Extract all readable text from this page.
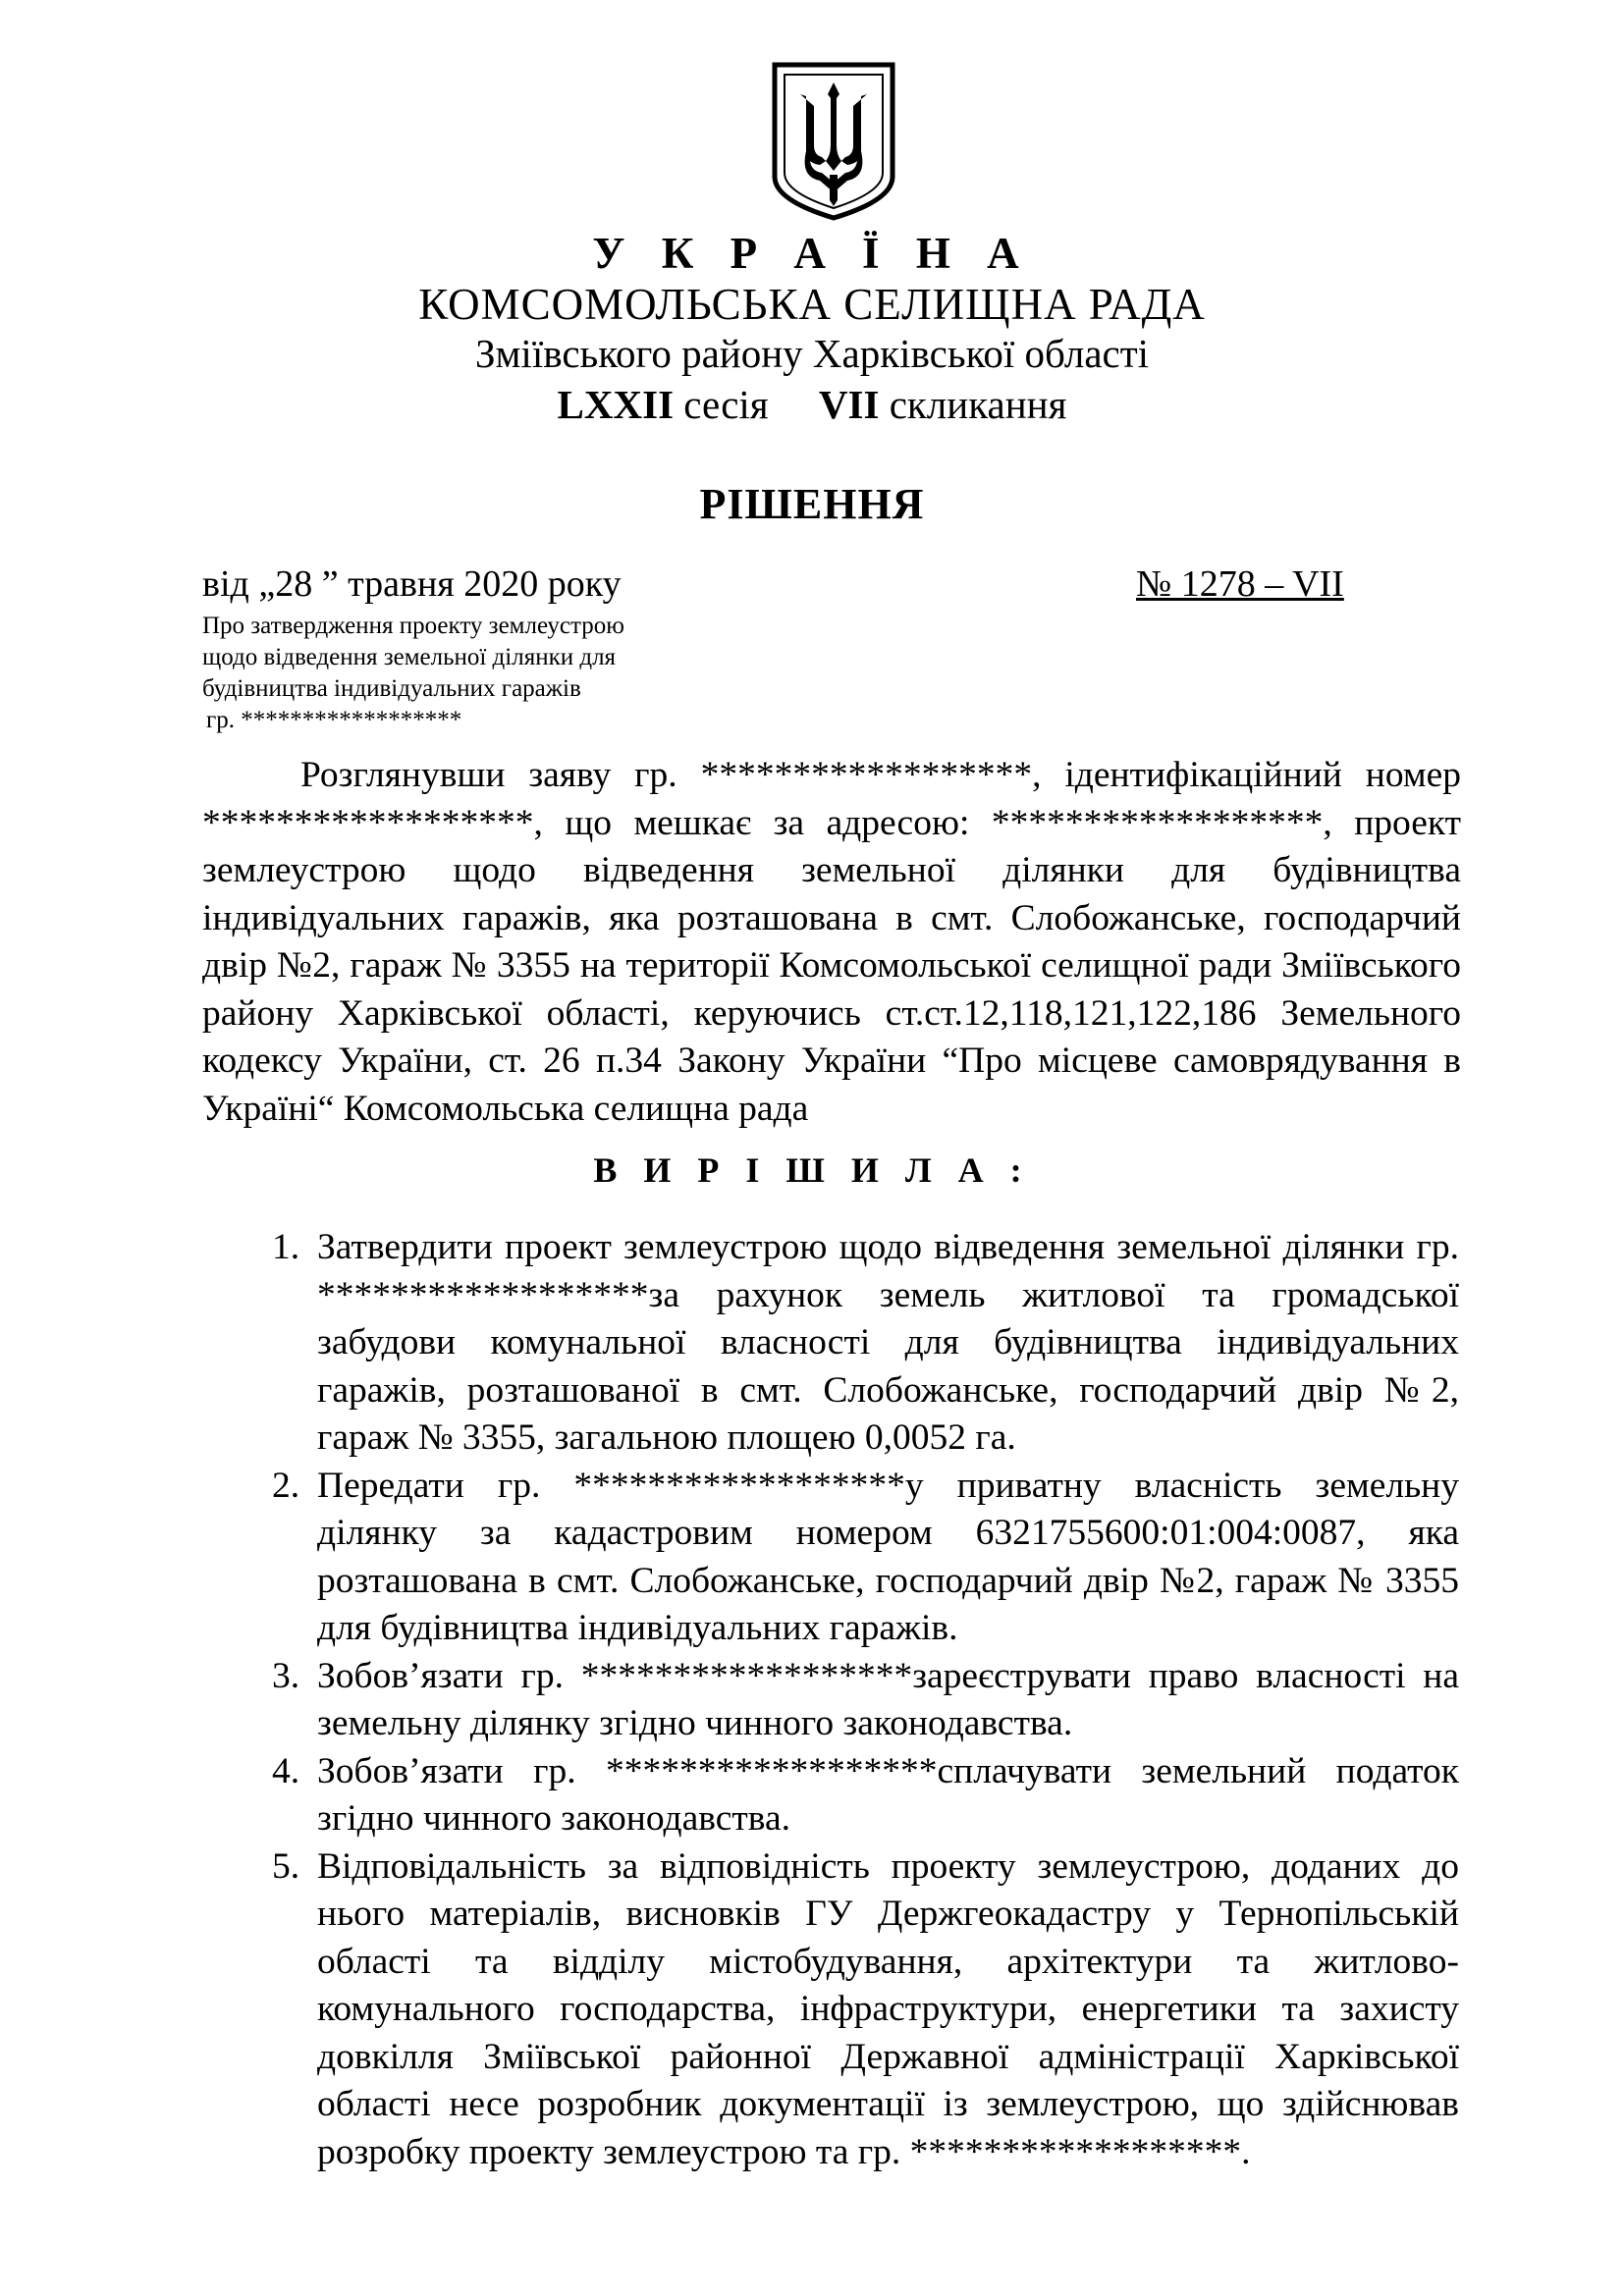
У К Р А Ї Н А
КОМСОМОЛЬСЬКА СЕЛИЩНА РАДА
Зміївського району Харківської області
LXXII сесія VII скликання
РІШЕННЯ
від „28 ” травня 2020 року	№ 1278 – VII
Про затвердження проекту землеустрою
щодо відведення земельної ділянки для
будівництва індивідуальних гаражів
гр. ******************
Розглянувши заяву гр. ******************, ідентифікаційний номер ******************, що мешкає за адресою: ******************, проект землеустрою щодо відведення земельної ділянки для будівництва індивідуальних гаражів, яка розташована в смт. Слобожанське, господарчий двір №2, гараж № 3355 на території Комсомольської селищної ради Зміївського району Харківської області, керуючись ст.ст.12,118,121,122,186 Земельного кодексу України, ст. 26 п.34 Закону України “Про місцеве самоврядування в Україні“ Комсомольська селищна рада
В И Р І Ш И Л А :
1. Затвердити проект землеустрою щодо відведення земельної ділянки гр. ******************за рахунок земель житлової та громадської забудови комунальної власності для будівництва індивідуальних гаражів, розташованої в смт. Слобожанське, господарчий двір №2, гараж № 3355, загальною площею 0,0052 га.
2. Передати гр. ******************у приватну власність земельну ділянку за кадастровим номером 6321755600:01:004:0087, яка розташована в смт. Слобожанське, господарчий двір №2, гараж № 3355 для будівництва індивідуальних гаражів.
3. Зобов’язати гр. ******************зареєструвати право власності на земельну ділянку згідно чинного законодавства.
4. Зобов’язати гр. ******************сплачувати земельний податок згідно чинного законодавства.
5. Відповідальність за відповідність проекту землеустрою, доданих до нього матеріалів, висновків ГУ Держгеокадастру у Тернопільській області та відділу містобудування, архітектури та житлово-комунального господарства, інфраструктури, енергетики та захисту довкілля Зміївської районної Державної адміністрації Харківської області несе розробник документації із землеустрою, що здійснював розробку проекту землеустрою та гр. ******************.
